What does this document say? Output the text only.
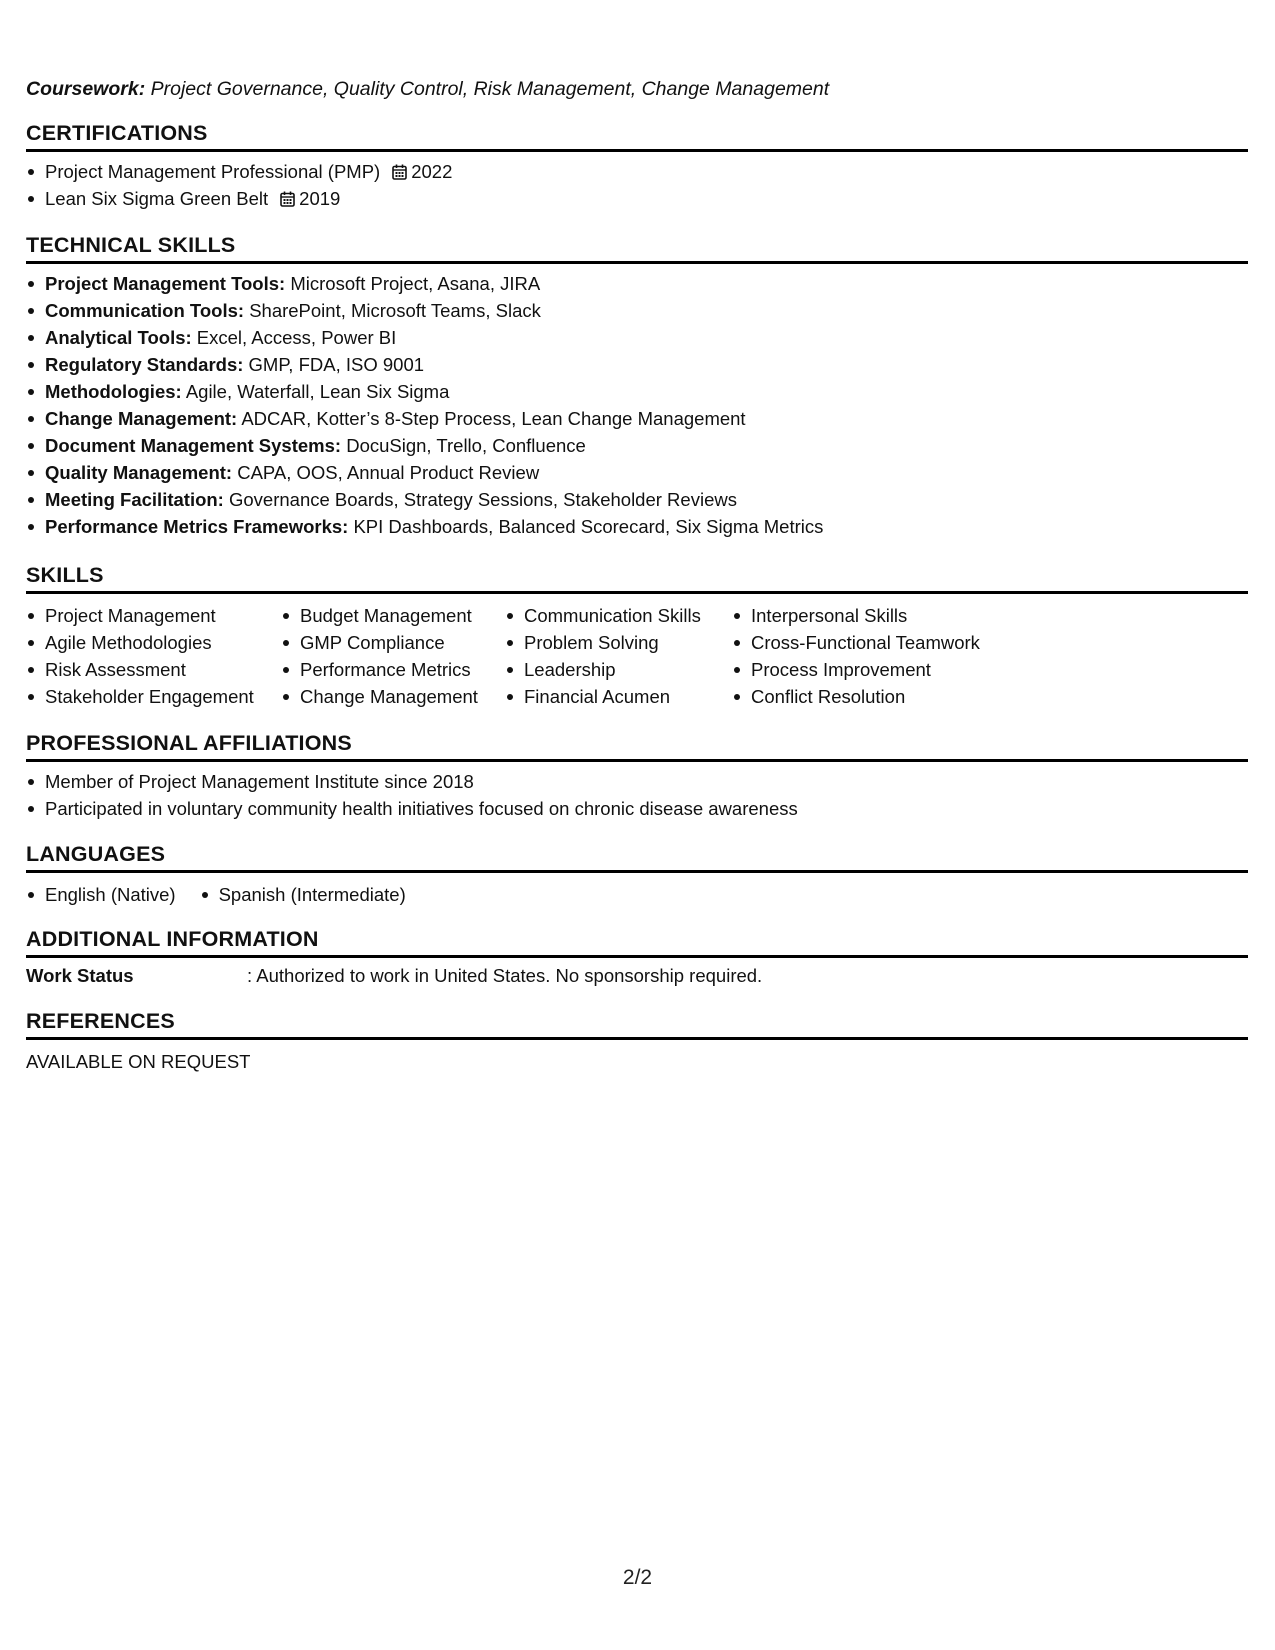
Coursework: Project Governance, Quality Control, Risk Management, Change Management
CERTIFICATIONS
Project Management Professional (PMP) 2022
Lean Six Sigma Green Belt 2019
TECHNICAL SKILLS
Project Management Tools: Microsoft Project, Asana, JIRA
Communication Tools: SharePoint, Microsoft Teams, Slack
Analytical Tools: Excel, Access, Power BI
Regulatory Standards: GMP, FDA, ISO 9001
Methodologies: Agile, Waterfall, Lean Six Sigma
Change Management: ADCAR, Kotter’s 8-Step Process, Lean Change Management
Document Management Systems: DocuSign, Trello, Confluence
Quality Management: CAPA, OOS, Annual Product Review
Meeting Facilitation: Governance Boards, Strategy Sessions, Stakeholder Reviews
Performance Metrics Frameworks: KPI Dashboards, Balanced Scorecard, Six Sigma Metrics
SKILLS
Project Management
Agile Methodologies
Risk Assessment
Stakeholder Engagement
Budget Management
GMP Compliance
Performance Metrics
Change Management
Communication Skills
Problem Solving
Leadership
Financial Acumen
Interpersonal Skills
Cross-Functional Teamwork
Process Improvement
Conflict Resolution
PROFESSIONAL AFFILIATIONS
Member of Project Management Institute since 2018
Participated in voluntary community health initiatives focused on chronic disease awareness
LANGUAGES
English (Native)	Spanish (Intermediate)
ADDITIONAL INFORMATION
Work Status	: Authorized to work in United States. No sponsorship required.
REFERENCES
AVAILABLE ON REQUEST
2/2
